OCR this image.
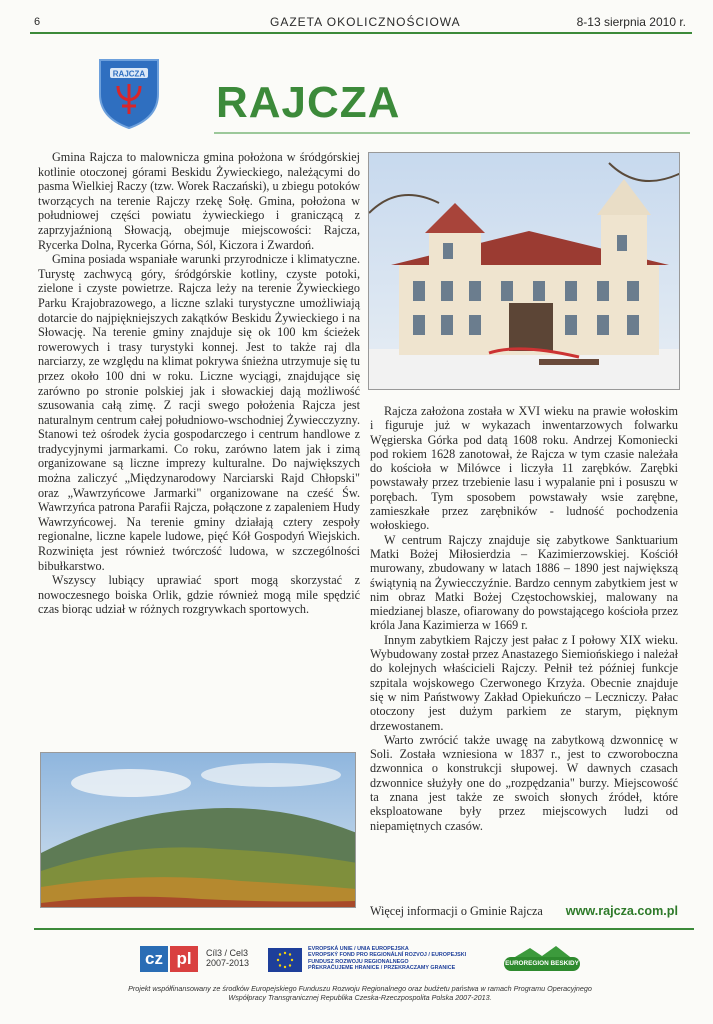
6	GAZETA OKOLICZNOŚCIOWA	8-13 sierpnia 2010 r.
RAJCZA
RAJCZA

Gmina Rajcza to malownicza gmina położona w śródgórskiej kotlinie otoczonej górami Beskidu Żywieckiego, należącymi do pasma Wielkiej Raczy (tzw. Worek Raczański), u zbiegu potoków tworzących na terenie Rajczy rzekę Sołę. Gmina, położona w południowej części powiatu żywieckiego i graniczącą z zaprzyjaźnioną Słowacją, obejmuje miejscowości: Rajcza, Rycerka Dolna, Rycerka Górna, Sól, Kiczora i Zwardoń.

Gmina posiada wspaniałe warunki przyrodnicze i klimatyczne. Turystę zachwycą góry, śródgórskie kotliny, czyste potoki, zielone i czyste powietrze. Rajcza leży na terenie Żywieckiego Parku Krajobrazowego, a liczne szlaki turystyczne umożliwiają dotarcie do najpiękniejszych zakątków Beskidu Żywieckiego i na Słowację. Na terenie gminy znajduje się ok 100 km ścieżek rowerowych i trasy turystyki konnej. Jest to także raj dla narciarzy, ze względu na klimat pokrywa śnieżna utrzymuje się tu przez około 100 dni w roku. Liczne wyciągi, znajdujące się zarówno po stronie polskiej jak i słowackiej dają możliwość szusowania całą zimę. Z racji swego położenia Rajcza jest naturalnym centrum całej południowo-wschodniej Żywiecczyzny. Stanowi też ośrodek życia gospodarczego i centrum handlowe z tradycyjnymi jarmarkami. Co roku, zarówno latem jak i zimą organizowane są liczne imprezy kulturalne. Do największych można zaliczyć „Międzynarodowy Narciarski Rajd Chłopski" oraz „Wawrzyńcowe Jarmarki" organizowane na cześć Św. Wawrzyńca patrona Parafii Rajcza, połączone z zapaleniem Hudy Wawrzyńcowej. Na terenie gminy działają cztery zespoły regionalne, liczne kapele ludowe, pięć Kół Gospodyń Wiejskich. Rozwinięta jest również twórczość ludowa, w szczególności bibułkarstwo.

Wszyscy lubiący uprawiać sport mogą skorzystać z nowoczesnego boiska Orlik, gdzie również mogą mile spędzić czas biorąc udział w różnych rozgrywkach sportowych.

Rajcza założona została w XVI wieku na prawie wołoskim i figuruje już w wykazach inwentarzowych folwarku Węgierska Górka pod datą 1608 roku. Andrzej Komoniecki pod rokiem 1628 zanotował, że Rajcza w tym czasie należała do kościoła w Milówce i liczyła 11 zarębków. Zarębki powstawały przez trzebienie lasu i wypalanie pni i posuszu w porębach. Tym sposobem powstawały wsie zarębne, zamieszkałe przez zarębników - ludność pochodzenia wołoskiego.

W centrum Rajczy znajduje się zabytkowe Sanktuarium Matki Bożej Miłosierdzia – Kazimierzowskiej. Kościół murowany, zbudowany w latach 1886 – 1890 jest największą świątynią na Żywiecczyźnie. Bardzo cennym zabytkiem jest w nim obraz Matki Bożej Częstochowskiej, malowany na miedzianej blasze, ofiarowany do powstającego kościoła przez króla Jana Kazimierza w 1669 r.

Innym zabytkiem Rajczy jest pałac z I połowy XIX wieku. Wybudowany został przez Anastazego Siemiońskiego i należał do kolejnych właścicieli Rajczy. Pełnił też później funkcje szpitala wojskowego Czerwonego Krzyża. Obecnie znajduje się w nim Państwowy Zakład Opiekuńczo – Leczniczy. Pałac otoczony jest dużym parkiem ze starym, pięknym drzewostanem.

Warto zwrócić także uwagę na zabytkową dzwonnicę w Soli. Została wzniesiona w 1837 r., jest to czworoboczna dzwonnica o konstrukcji słupowej. W dawnych czasach dzwonnice służyły one do „rozpędzania" burzy. Miejscowość ta znana jest także ze swoich słonych źródeł, które eksploatowane były przez miejscowych ludzi od niepamiętnych czasów.

Więcej informacji o Gminie Rajcza www.rajcza.com.pl
cz pl	Cíl3 / Cel3
2007-2013
EVROPSKÁ UNIE / UNIA EUROPEJSKA
EVROPSKÝ FOND PRO REGIONÁLNÍ ROZVOJ / EUROPEJSKI FUNDUSZ ROZWOJU REGIONALNEGO
PŘEKRAČUJEME HRANICE / PRZEKRACZAMY GRANICE
EUROREGION BESKIDY
Projekt współfinansowany ze środków Europejskiego Funduszu Rozwoju Regionalnego oraz budżetu państwa w ramach Programu Operacyjnego
Współpracy Transgranicznej Republika Czeska-Rzeczpospolita Polska 2007-2013.
